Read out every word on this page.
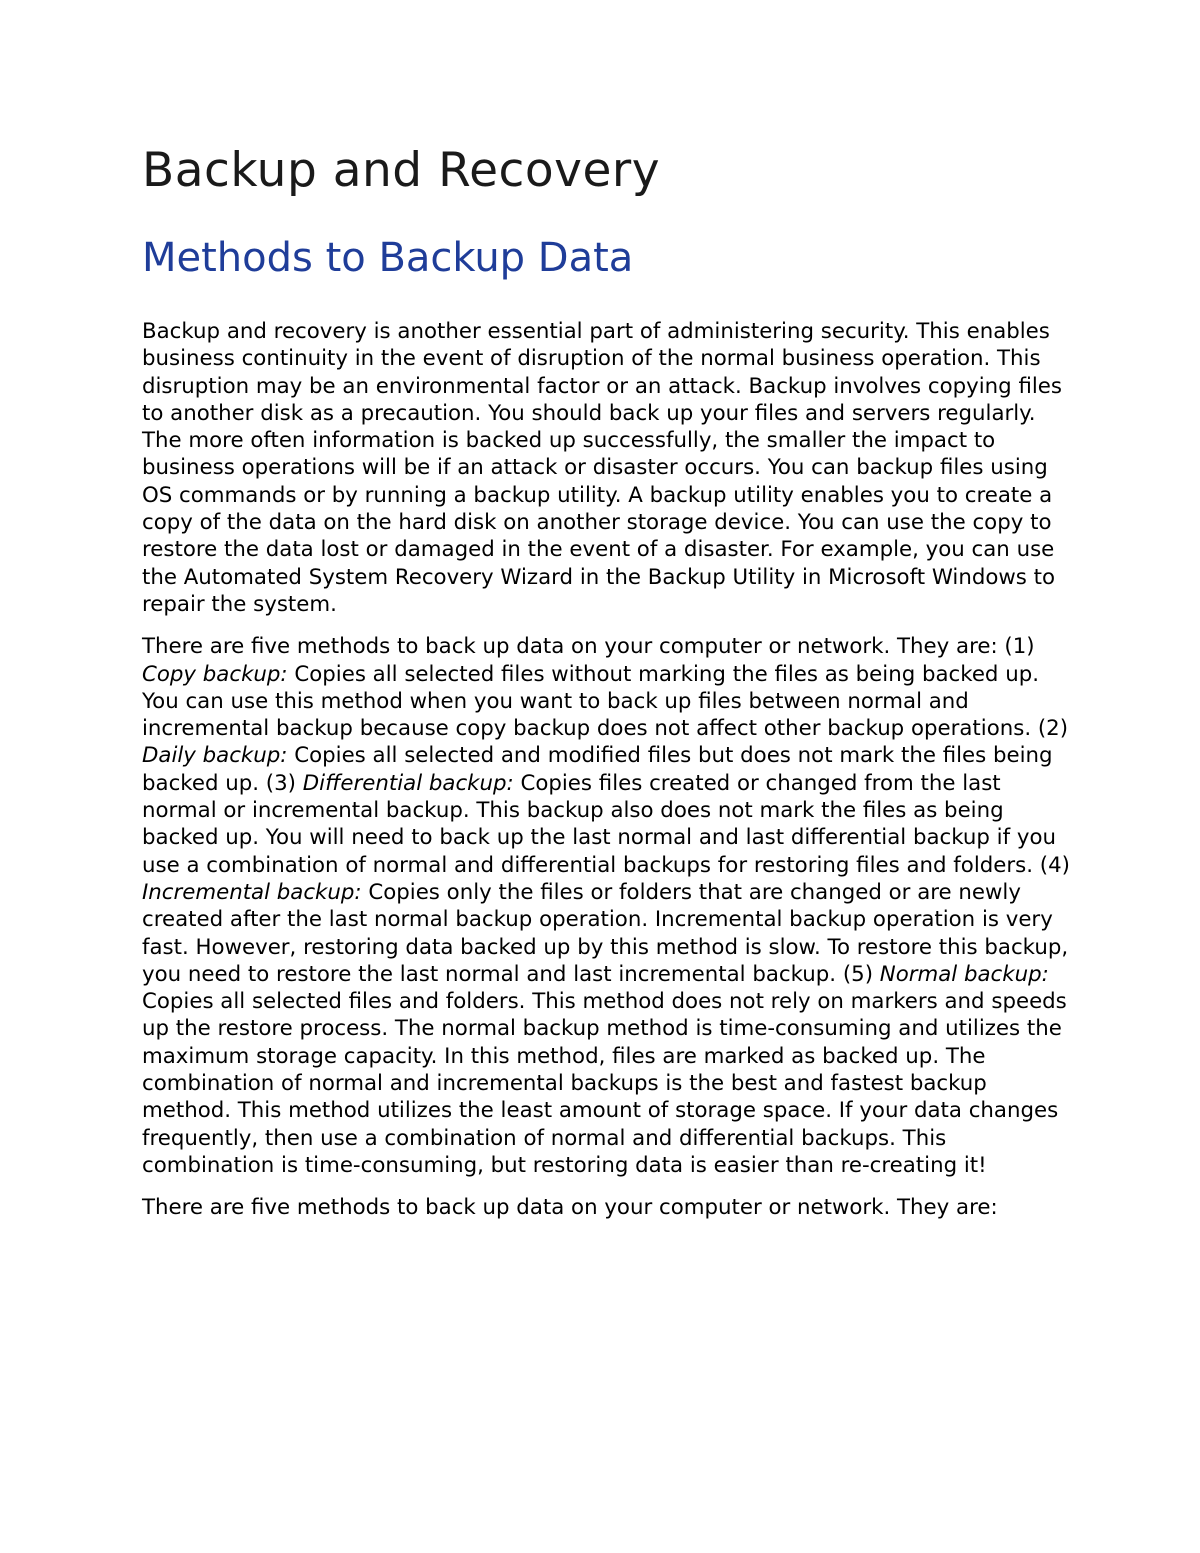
Backup and Recovery
Methods to Backup Data

Backup and recovery is another essential part of administering security. This enables business continuity in the event of disruption of the normal business operation. This disruption may be an environmental factor or an attack. Backup involves copying files to another disk as a precaution. You should back up your files and servers regularly. The more often information is backed up successfully, the smaller the impact to business operations will be if an attack or disaster occurs. You can backup files using OS commands or by running a backup utility. A backup utility enables you to create a copy of the data on the hard disk on another storage device. You can use the copy to restore the data lost or damaged in the event of a disaster. For example, you can use the Automated System Recovery Wizard in the Backup Utility in Microsoft Windows to repair the system.

There are five methods to back up data on your computer or network. They are: (1) Copy backup: Copies all selected files without marking the files as being backed up. You can use this method when you want to back up files between normal and incremental backup because copy backup does not affect other backup operations. (2) Daily backup: Copies all selected and modified files but does not mark the files being backed up. (3) Differential backup: Copies files created or changed from the last normal or incremental backup. This backup also does not mark the files as being backed up. You will need to back up the last normal and last differential backup if you use a combination of normal and differential backups for restoring files and folders. (4) Incremental backup: Copies only the files or folders that are changed or are newly created after the last normal backup operation. Incremental backup operation is very fast. However, restoring data backed up by this method is slow. To restore this backup, you need to restore the last normal and last incremental backup. (5) Normal backup: Copies all selected files and folders. This method does not rely on markers and speeds up the restore process. The normal backup method is time-consuming and utilizes the maximum storage capacity. In this method, files are marked as backed up. The combination of normal and incremental backups is the best and fastest backup method. This method utilizes the least amount of storage space. If your data changes frequently, then use a combination of normal and differential backups. This combination is time-consuming, but restoring data is easier than re-creating it!

There are five methods to back up data on your computer or network. They are:
